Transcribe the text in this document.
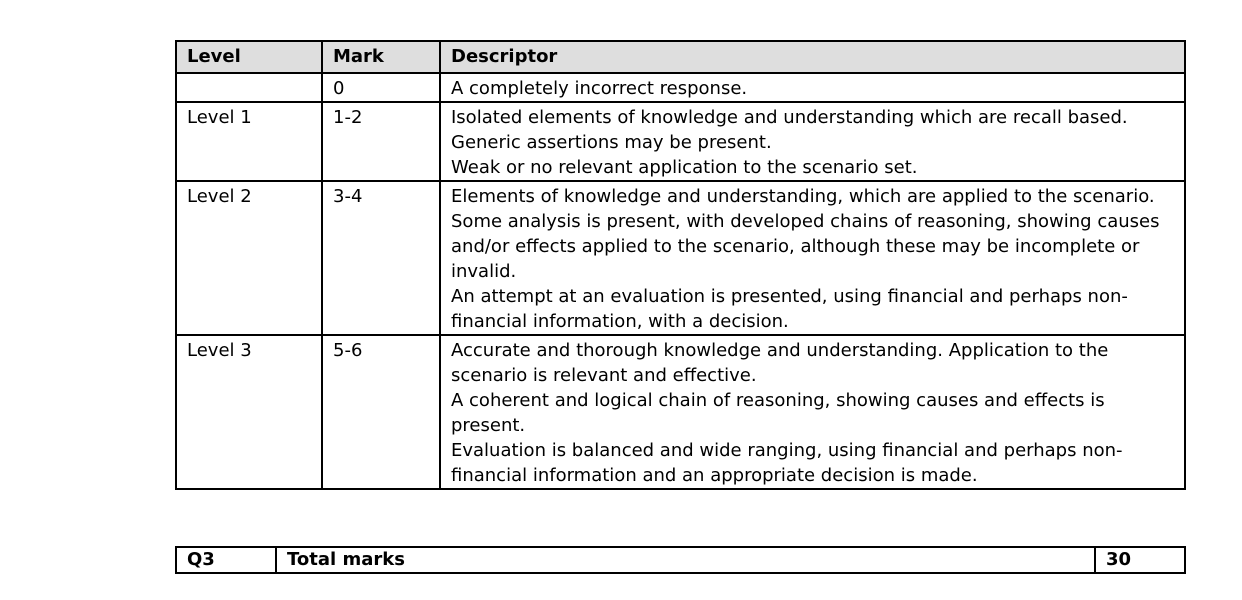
Level	Mark	Descriptor
	0	A completely incorrect response.

Level 1	1-2	Isolated elements of knowledge and understanding which are recall based.
Generic assertions may be present.
Weak or no relevant application to the scenario set.

Level 2	3-4	Elements of knowledge and understanding, which are applied to the scenario.
Some analysis is present, with developed chains of reasoning, showing causes and/or effects applied to the scenario, although these may be incomplete or invalid.
An attempt at an evaluation is presented, using financial and perhaps non-financial information, with a decision.

Level 3	5-6	Accurate and thorough knowledge and understanding. Application to the scenario is relevant and effective.
A coherent and logical chain of reasoning, showing causes and effects is present.
Evaluation is balanced and wide ranging, using financial and perhaps non-financial information and an appropriate decision is made.
Q3	Total marks	30
